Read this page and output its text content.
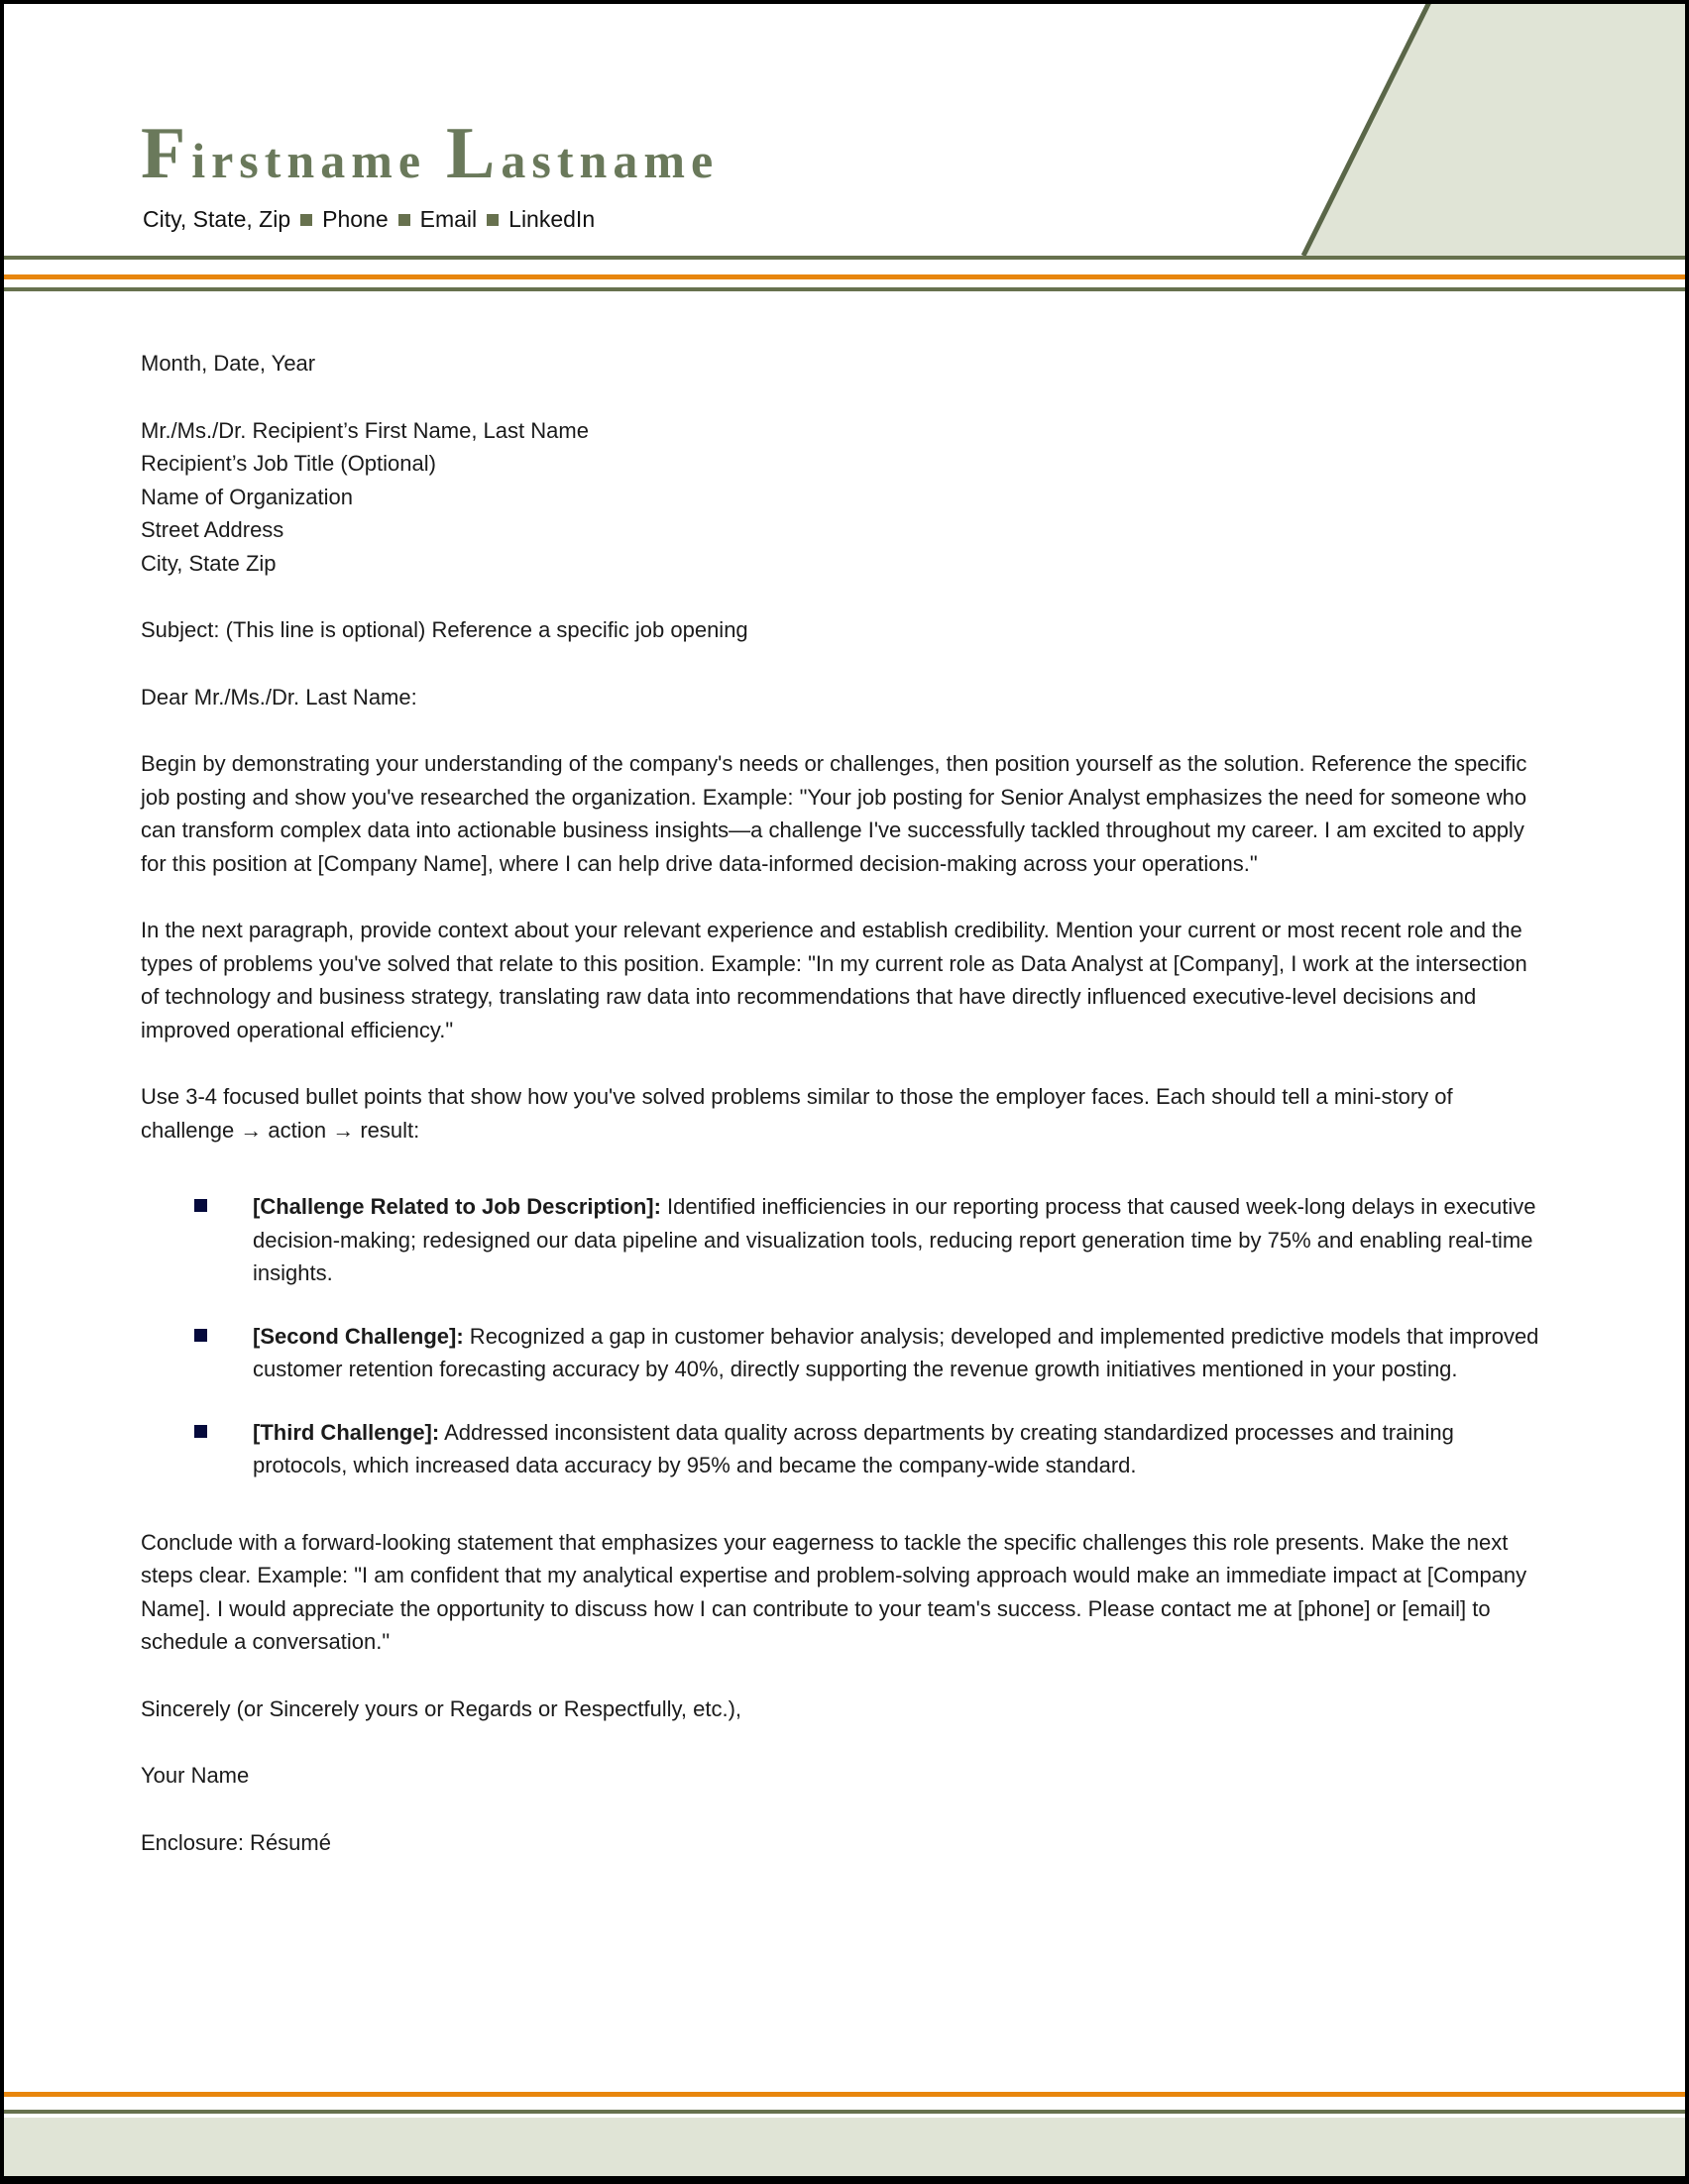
Firstname Lastname
City, State, Zip Phone Email LinkedIn

Month, Date, Year

Mr./Ms./Dr. Recipient’s First Name, Last Name
Recipient’s Job Title (Optional)
Name of Organization
Street Address
City, State Zip

Subject: (This line is optional) Reference a specific job opening

Dear Mr./Ms./Dr. Last Name:

Begin by demonstrating your understanding of the company's needs or challenges, then position yourself as the solution. Reference the specific job posting and show you've researched the organization. Example: "Your job posting for Senior Analyst emphasizes the need for someone who can transform complex data into actionable business insights—a challenge I've successfully tackled throughout my career. I am excited to apply for this position at [Company Name], where I can help drive data-informed decision-making across your operations."

In the next paragraph, provide context about your relevant experience and establish credibility. Mention your current or most recent role and the types of problems you've solved that relate to this position. Example: "In my current role as Data Analyst at [Company], I work at the intersection of technology and business strategy, translating raw data into recommendations that have directly influenced executive-level decisions and improved operational efficiency."

Use 3-4 focused bullet points that show how you've solved problems similar to those the employer faces. Each should tell a mini-story of challenge → action → result:

[Challenge Related to Job Description]: Identified inefficiencies in our reporting process that caused week-long delays in executive decision-making; redesigned our data pipeline and visualization tools, reducing report generation time by 75% and enabling real-time insights.
[Second Challenge]: Recognized a gap in customer behavior analysis; developed and implemented predictive models that improved customer retention forecasting accuracy by 40%, directly supporting the revenue growth initiatives mentioned in your posting.
[Third Challenge]: Addressed inconsistent data quality across departments by creating standardized processes and training protocols, which increased data accuracy by 95% and became the company-wide standard.

Conclude with a forward-looking statement that emphasizes your eagerness to tackle the specific challenges this role presents. Make the next steps clear. Example: "I am confident that my analytical expertise and problem-solving approach would make an immediate impact at [Company Name]. I would appreciate the opportunity to discuss how I can contribute to your team's success. Please contact me at [phone] or [email] to schedule a conversation."

Sincerely (or Sincerely yours or Regards or Respectfully, etc.),

Your Name

Enclosure: Résumé
